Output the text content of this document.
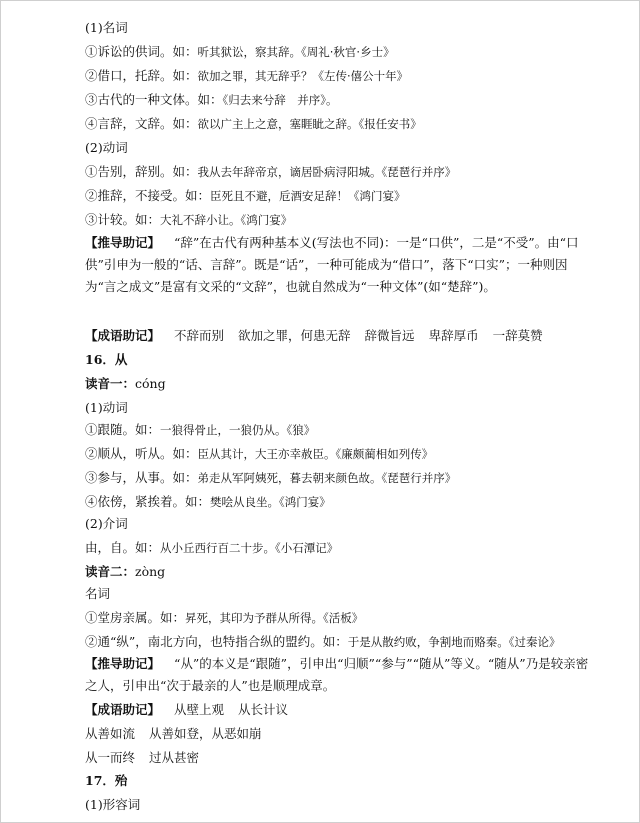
(1)名词
①诉讼的供词。如：听其狱讼，察其辞。《周礼·秋官·乡士》
②借口，托辞。如：欲加之罪，其无辞乎？《左传·僖公十年》
③古代的一种文体。如：《归去来兮辞　并序》。
④言辞，文辞。如：欲以广主上之意，塞睚眦之辞。《报任安书》
(2)动词
①告别，辞别。如：我从去年辞帝京，谪居卧病浔阳城。《琵琶行并序》
②推辞，不接受。如：臣死且不避，卮酒安足辞！《鸿门宴》
③计较。如：大礼不辞小让。《鸿门宴》
【推导助记】 “辞”在古代有两种基本义(写法也不同)：一是“口供”，二是“不受”。由“口供”引申为一般的“话、言辞”。既是“话”，一种可能成为“借口”，落下“口实”；一种则因为“言之成文”是富有文采的“文辞”，也就自然成为“一种文体”(如“楚辞”)。
【成语助记】 不辞而别 欲加之罪，何患无辞 辞微旨远 卑辞厚币 一辞莫赞
16．从
读音一：cóng
(1)动词
①跟随。如：一狼得骨止，一狼仍从。《狼》
②顺从，听从。如：臣从其计，大王亦幸赦臣。《廉颇蔺相如列传》
③参与，从事。如：弟走从军阿姨死，暮去朝来颜色故。《琵琶行并序》
④依傍，紧挨着。如：樊哙从良坐。《鸿门宴》
(2)介词
由，自。如：从小丘西行百二十步。《小石潭记》
读音二：zòng
名词
①堂房亲属。如：昇死，其印为予群从所得。《活板》
②通“纵”，南北方向，也特指合纵的盟约。如：于是从散约败，争割地而赂秦。《过秦论》
【推导助记】 “从”的本义是“跟随”，引申出“归顺”“参与”“随从”等义。“随从”乃是较亲密之人，引申出“次于最亲的人”也是顺理成章。
【成语助记】 从壁上观 从长计议
从善如流 从善如登，从恶如崩
从一而终 过从甚密
17．殆
(1)形容词
